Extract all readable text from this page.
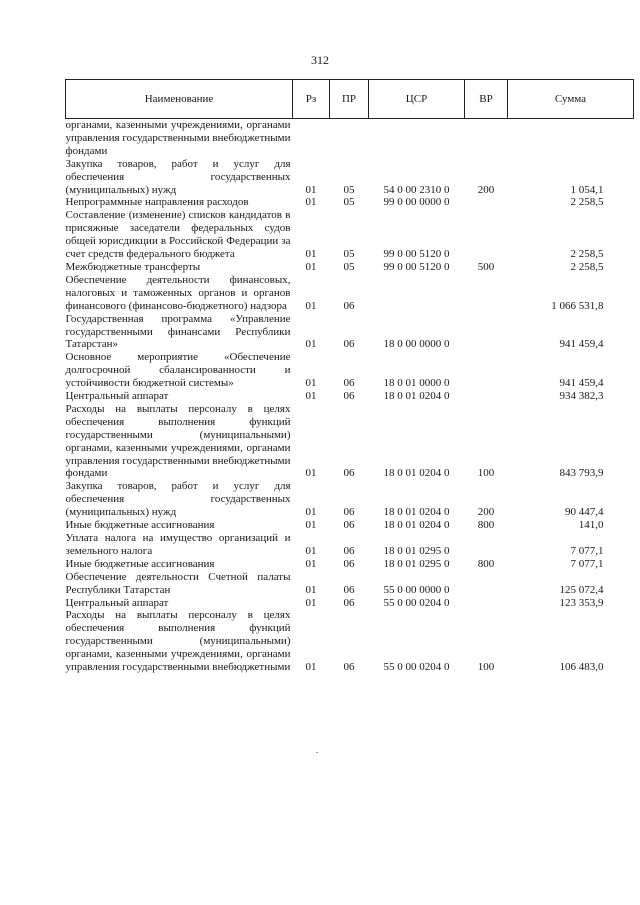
312
Наименование	Рз	ПР	ЦСР	ВР	Сумма
органами, казенными учреждениями, органами управления государственными внебюджетными фондами					
Закупка товаров, работ и услуг для обеспечения государственных (муниципальных) нужд	01	05	54 0 00 2310 0	200	1 054,1
Непрограммные направления расходов	01	05	99 0 00 0000 0		2 258,5
Составление (изменение) списков кандидатов в присяжные заседатели федеральных судов общей юрисдикции в Российской Федерации за счет средств федерального бюджета	01	05	99 0 00 5120 0		2 258,5
Межбюджетные трансферты	01	05	99 0 00 5120 0	500	2 258,5
Обеспечение деятельности финансовых, налоговых и таможенных органов и органов финансового (финансово-бюджетного) надзора	01	06			1 066 531,8
Государственная программа «Управление государственными финансами Республики Татарстан»	01	06	18 0 00 0000 0		941 459,4
Основное мероприятие «Обеспечение долгосрочной сбалансированности и устойчивости бюджетной системы»	01	06	18 0 01 0000 0		941 459,4
Центральный аппарат	01	06	18 0 01 0204 0		934 382,3
Расходы на выплаты персоналу в целях обеспечения выполнения функций государственными (муниципальными) органами, казенными учреждениями, органами управления государственными внебюджетными фондами	01	06	18 0 01 0204 0	100	843 793,9
Закупка товаров, работ и услуг для обеспечения государственных (муниципальных) нужд	01	06	18 0 01 0204 0	200	90 447,4
Иные бюджетные ассигнования	01	06	18 0 01 0204 0	800	141,0
Уплата налога на имущество организаций и земельного налога	01	06	18 0 01 0295 0		7 077,1
Иные бюджетные ассигнования	01	06	18 0 01 0295 0	800	7 077,1
Обеспечение деятельности Счетной палаты Республики Татарстан	01	06	55 0 00 0000 0		125 072,4
Центральный аппарат	01	06	55 0 00 0204 0		123 353,9
Расходы на выплаты персоналу в целях обеспечения выполнения функций государственными (муниципальными) органами, казенными учреждениями, органами управления государственными внебюджетными	01	06	55 0 00 0204 0	100	106 483,0
